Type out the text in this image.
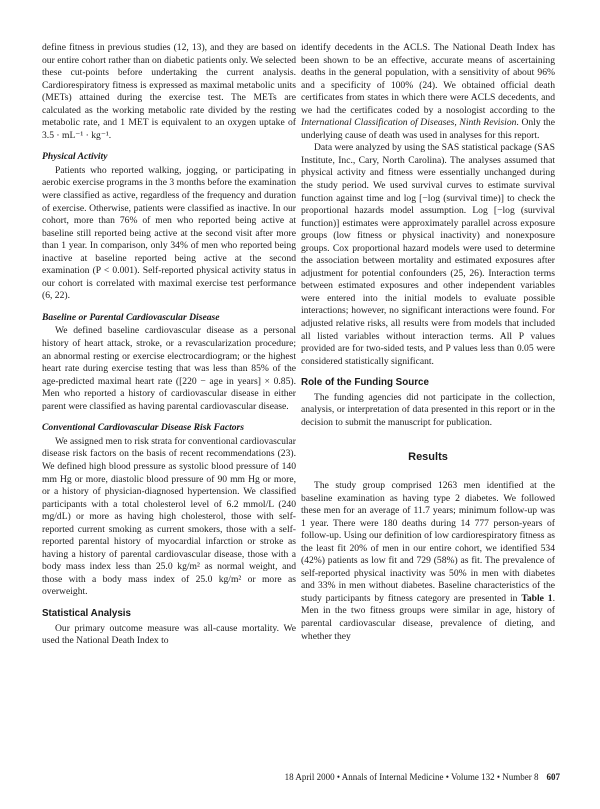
define fitness in previous studies (12, 13), and they are based on our entire cohort rather than on diabetic patients only. We selected these cut-points before undertaking the current analysis. Cardiorespiratory fitness is expressed as maximal metabolic units (METs) attained during the exercise test. The METs are calculated as the working metabolic rate divided by the resting metabolic rate, and 1 MET is equivalent to an oxygen uptake of 3.5 · mL⁻¹ · kg⁻¹.

Physical Activity

Patients who reported walking, jogging, or participating in aerobic exercise programs in the 3 months before the examination were classified as active, regardless of the frequency and duration of exercise. Otherwise, patients were classified as inactive. In our cohort, more than 76% of men who reported being active at baseline still reported being active at the second visit after more than 1 year. In comparison, only 34% of men who reported being inactive at baseline reported being active at the second examination (P < 0.001). Self-reported physical activity status in our cohort is correlated with maximal exercise test performance (6, 22).

Baseline or Parental Cardiovascular Disease

We defined baseline cardiovascular disease as a personal history of heart attack, stroke, or a revascularization procedure; an abnormal resting or exercise electrocardiogram; or the highest heart rate during exercise testing that was less than 85% of the age-predicted maximal heart rate ([220 − age in years] × 0.85). Men who reported a history of cardiovascular disease in either parent were classified as having parental cardiovascular disease.

Conventional Cardiovascular Disease Risk Factors

We assigned men to risk strata for conventional cardiovascular disease risk factors on the basis of recent recommendations (23). We defined high blood pressure as systolic blood pressure of 140 mm Hg or more, diastolic blood pressure of 90 mm Hg or more, or a history of physician-diagnosed hypertension. We classified participants with a total cholesterol level of 6.2 mmol/L (240 mg/dL) or more as having high cholesterol, those with self-reported current smoking as current smokers, those with a self-reported parental history of myocardial infarction or stroke as having a history of parental cardiovascular disease, those with a body mass index less than 25.0 kg/m² as normal weight, and those with a body mass index of 25.0 kg/m² or more as overweight.

Statistical Analysis

Our primary outcome measure was all-cause mortality. We used the National Death Index to

identify decedents in the ACLS. The National Death Index has been shown to be an effective, accurate means of ascertaining deaths in the general population, with a sensitivity of about 96% and a specificity of 100% (24). We obtained official death certificates from states in which there were ACLS decedents, and we had the certificates coded by a nosologist according to the International Classification of Diseases, Ninth Revision. Only the underlying cause of death was used in analyses for this report.

Data were analyzed by using the SAS statistical package (SAS Institute, Inc., Cary, North Carolina). The analyses assumed that physical activity and fitness were essentially unchanged during the study period. We used survival curves to estimate survival function against time and log [−log (survival time)] to check the proportional hazards model assumption. Log [−log (survival function)] estimates were approximately parallel across exposure groups (low fitness or physical inactivity) and nonexposure groups. Cox proportional hazard models were used to determine the association between mortality and estimated exposures after adjustment for potential confounders (25, 26). Interaction terms between estimated exposures and other independent variables were entered into the initial models to evaluate possible interactions; however, no significant interactions were found. For adjusted relative risks, all results were from models that included all listed variables without interaction terms. All P values provided are for two-sided tests, and P values less than 0.05 were considered statistically significant.

Role of the Funding Source

The funding agencies did not participate in the collection, analysis, or interpretation of data presented in this report or in the decision to submit the manuscript for publication.

Results

The study group comprised 1263 men identified at the baseline examination as having type 2 diabetes. We followed these men for an average of 11.7 years; minimum follow-up was 1 year. There were 180 deaths during 14 777 person-years of follow-up. Using our definition of low cardiorespiratory fitness as the least fit 20% of men in our entire cohort, we identified 534 (42%) patients as low fit and 729 (58%) as fit. The prevalence of self-reported physical inactivity was 50% in men with diabetes and 33% in men without diabetes. Baseline characteristics of the study participants by fitness category are presented in Table 1. Men in the two fitness groups were similar in age, history of parental cardiovascular disease, prevalence of dieting, and whether they

18 April 2000 • Annals of Internal Medicine • Volume 132 • Number 8 607
